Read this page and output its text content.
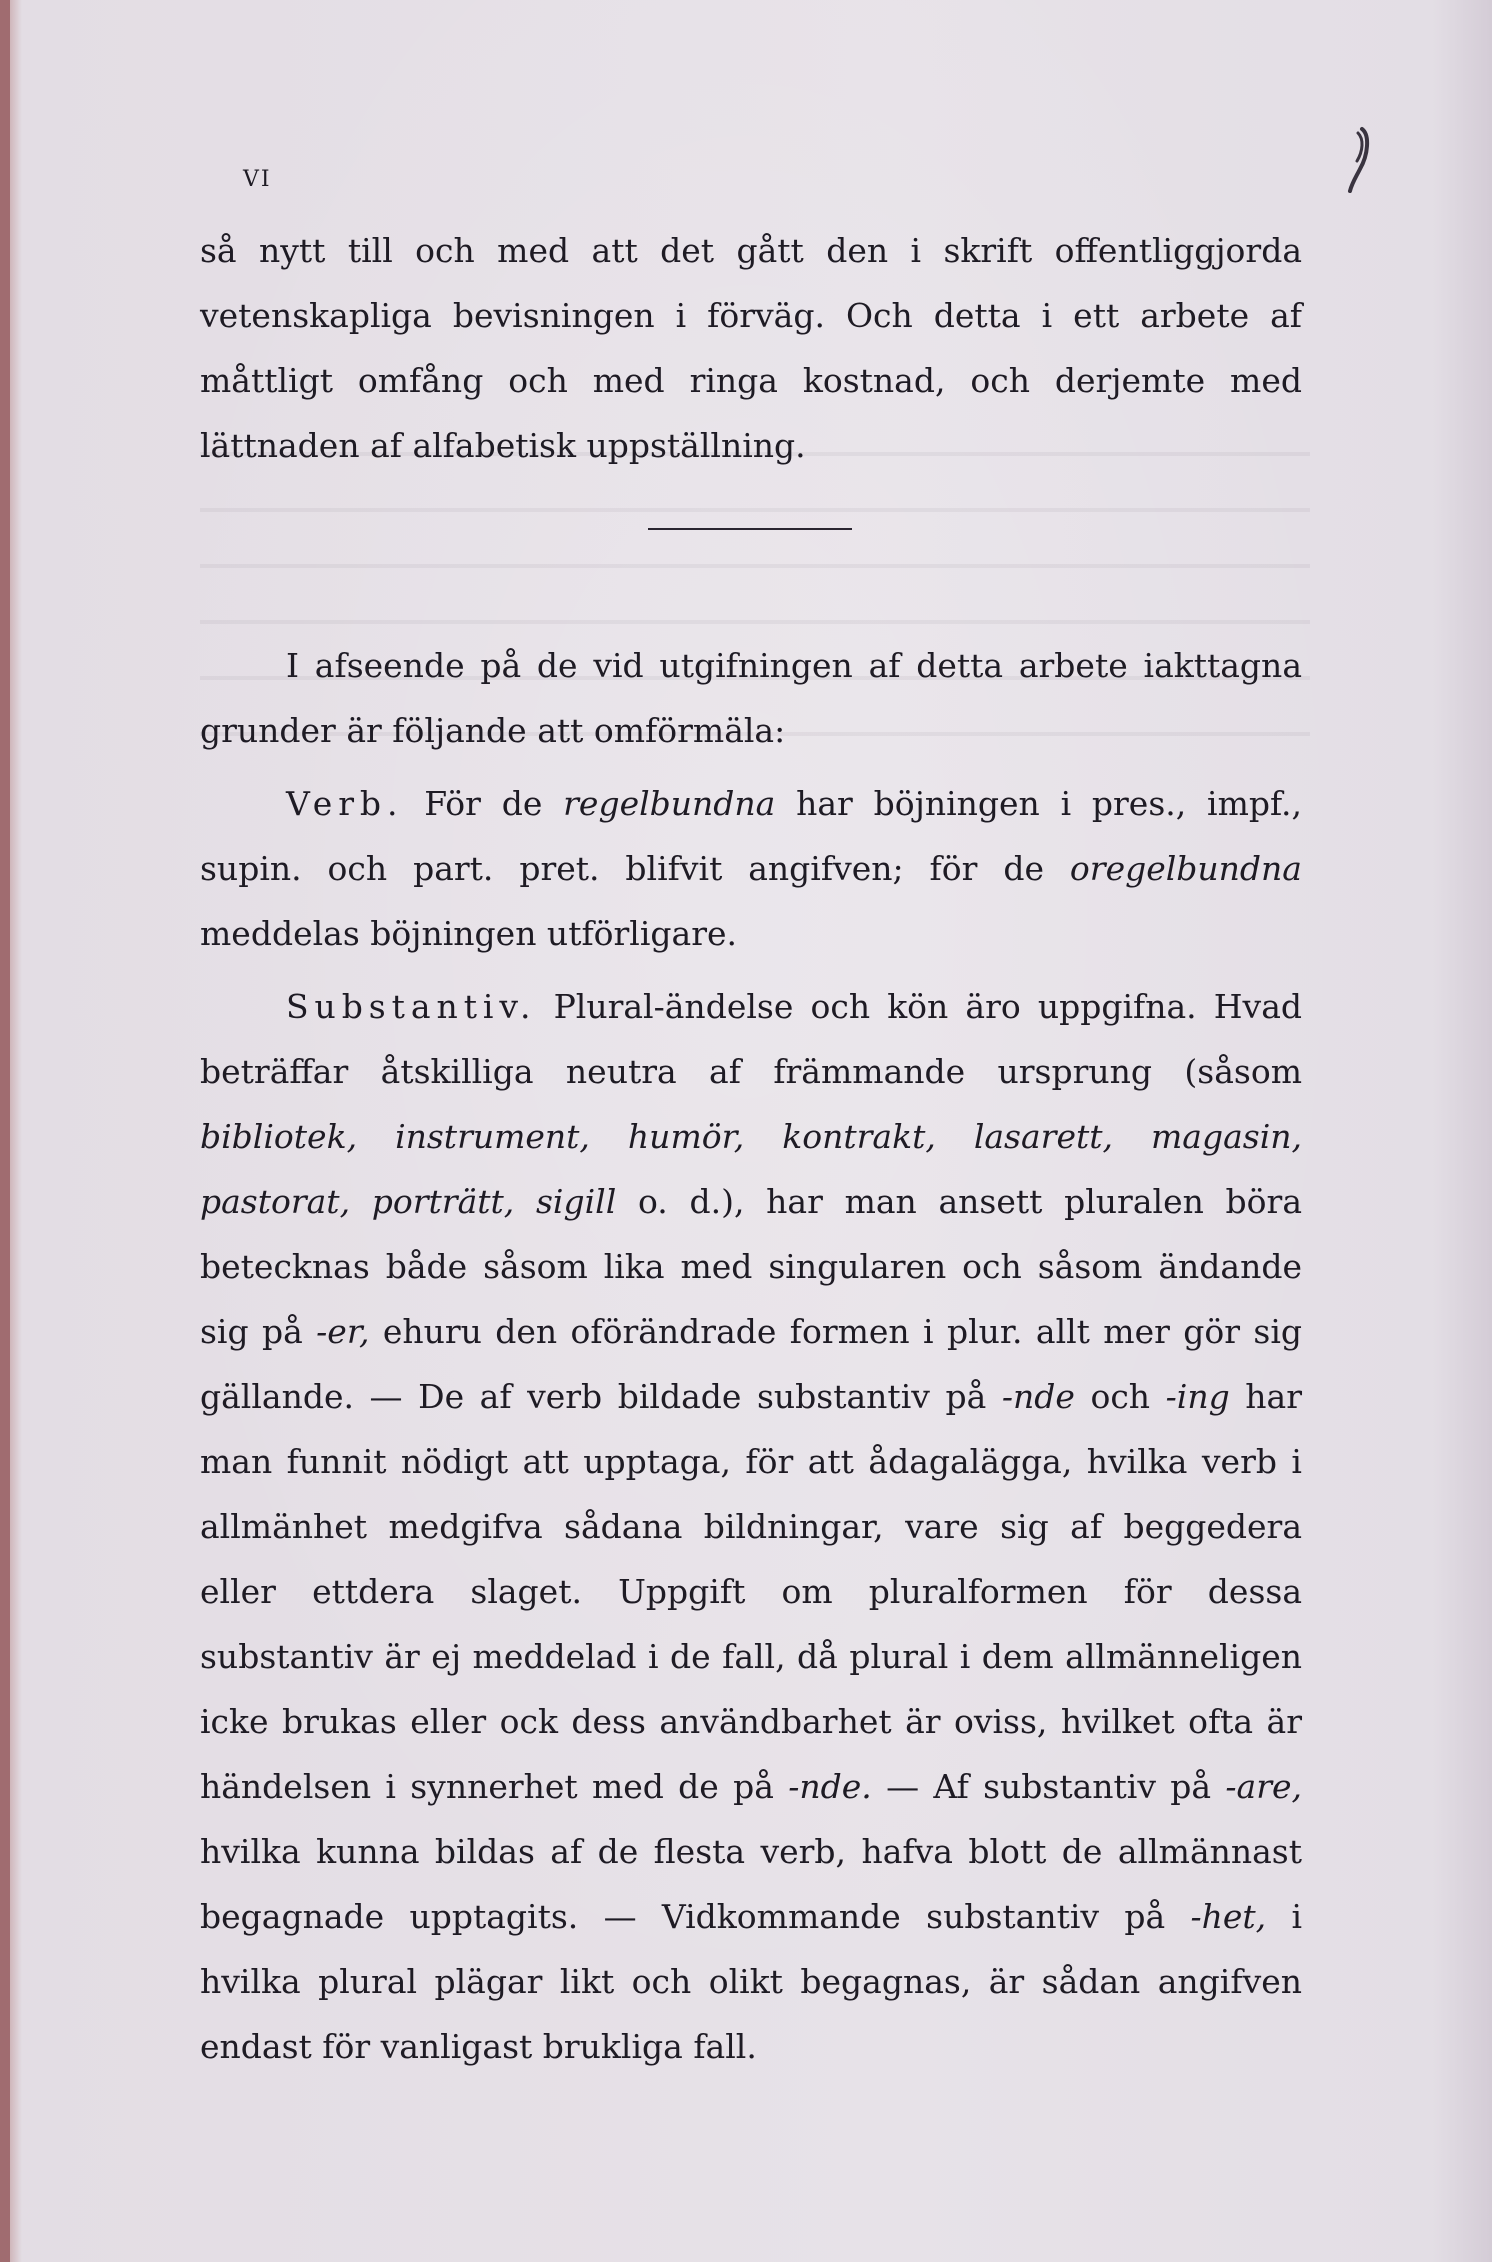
VI

så nytt till och med att det gått den i skrift offentliggjorda vetenskapliga bevisningen i förväg. Och detta i ett arbete af måttligt omfång och med ringa kostnad, och derjemte med lättnaden af alfabetisk uppställning.

I afseende på de vid utgifningen af detta arbete iakttagna grunder är följande att omförmäla:

Verb. För de regelbundna har böjningen i pres., impf., supin. och part. pret. blifvit angifven; för de oregelbundna meddelas böjningen utförligare.

Substantiv. Plural-ändelse och kön äro uppgifna. Hvad beträffar åtskilliga neutra af främmande ursprung (såsom bibliotek, instrument, humör, kontrakt, lasarett, magasin, pastorat, porträtt, sigill o. d.), har man ansett pluralen böra betecknas både såsom lika med singularen och såsom ändande sig på -er, ehuru den oförändrade formen i plur. allt mer gör sig gällande. — De af verb bildade substantiv på -nde och -ing har man funnit nödigt att upptaga, för att ådagalägga, hvilka verb i allmänhet medgifva sådana bildningar, vare sig af beggedera eller ettdera slaget. Uppgift om pluralformen för dessa substantiv är ej meddelad i de fall, då plural i dem allmänneligen icke brukas eller ock dess användbarhet är oviss, hvilket ofta är händelsen i synnerhet med de på -nde. — Af substantiv på -are, hvilka kunna bildas af de flesta verb, hafva blott de allmännast begagnade upptagits. — Vidkommande substantiv på -het, i hvilka plural plägar likt och olikt begagnas, är sådan angifven endast för vanligast brukliga fall.
